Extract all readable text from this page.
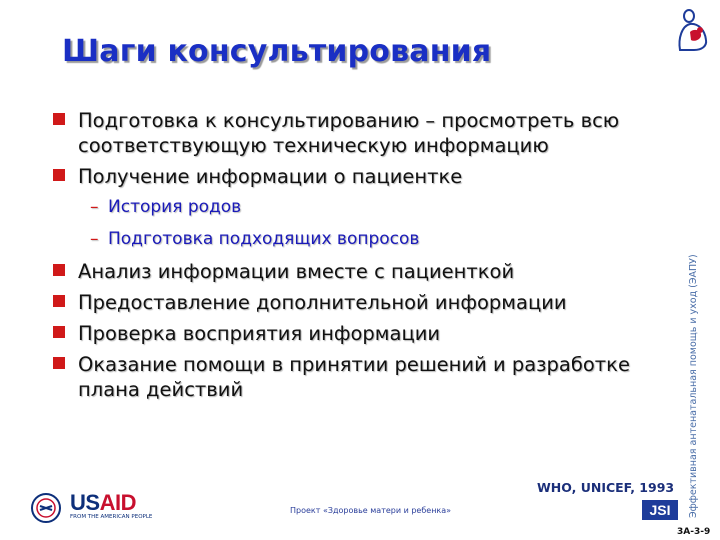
Шаги консультирования
Подготовка к консультированию – просмотреть всю соответствующую техническую информацию
Получение информации о пациентке
– История родов
– Подготовка подходящих вопросов
Анализ информации вместе с пациенткой
Предоставление дополнительной информации
Проверка восприятия информации
Оказание помощи в принятии решений и разработке плана действий	Эффективная антенатальная помощь и уход (ЭАПУ)
WHO, UNICEF, 1993
USAID
FROM THE AMERICAN PEOPLE
Проект «Здоровье матери и ребенка»	JSI
3А-3-9
